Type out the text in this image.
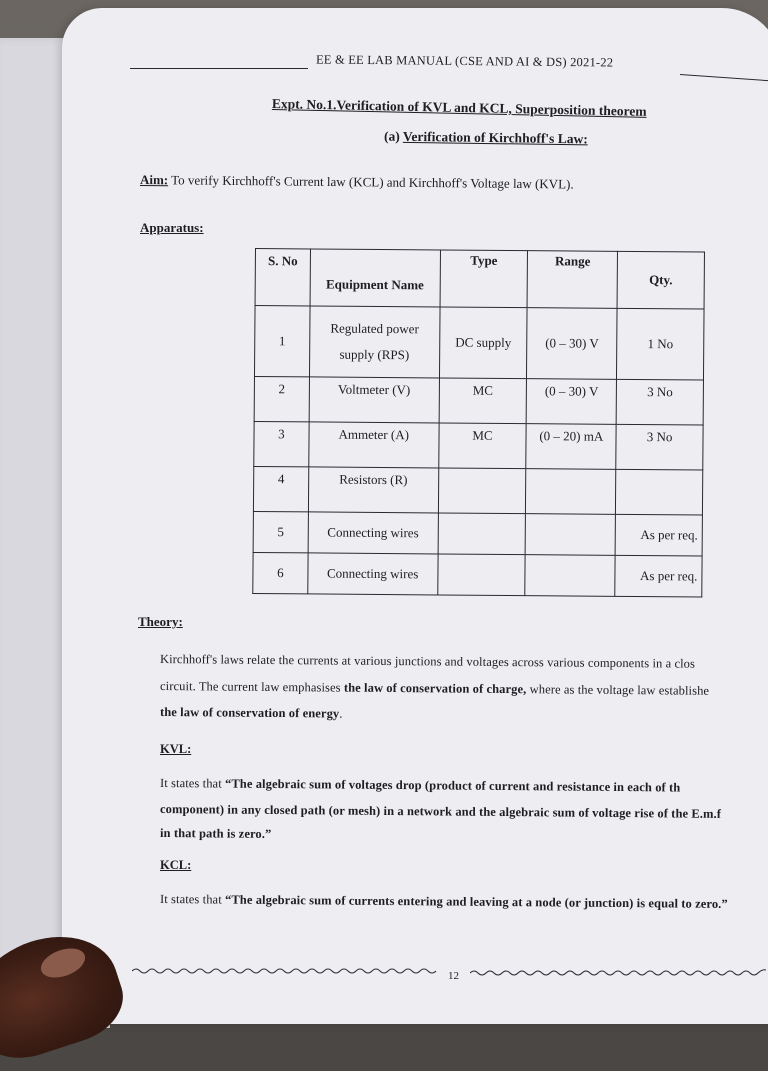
EE & EE LAB MANUAL (CSE AND AI & DS) 2021-22
Expt. No.1.Verification of KVL and KCL, Superposition theorem
(a) Verification of Kirchhoff's Law:
Aim: To verify Kirchhoff's Current law (KCL) and Kirchhoff's Voltage law (KVL).
Apparatus:
S. No	Equipment Name	Type	Range	Qty.
1	Regulated power supply (RPS)	DC supply	(0 – 30) V	1 No
2	Voltmeter (V)	MC	(0 – 30) V	3 No
3	Ammeter (A)	MC	(0 – 20) mA	3 No
4	Resistors (R)			
5	Connecting wires			As per req.
6	Connecting wires			As per req.
Theory:
Kirchhoff's laws relate the currents at various junctions and voltages across various components in a clos
circuit. The current law emphasises the law of conservation of charge, where as the voltage law establishe
the law of conservation of energy.
KVL:
It states that “The algebraic sum of voltages drop (product of current and resistance in each of th
component) in any closed path (or mesh) in a network and the algebraic sum of voltage rise of the E.m.f
in that path is zero.”
KCL:
It states that “The algebraic sum of currents entering and leaving at a node (or junction) is equal to zero.”
12
